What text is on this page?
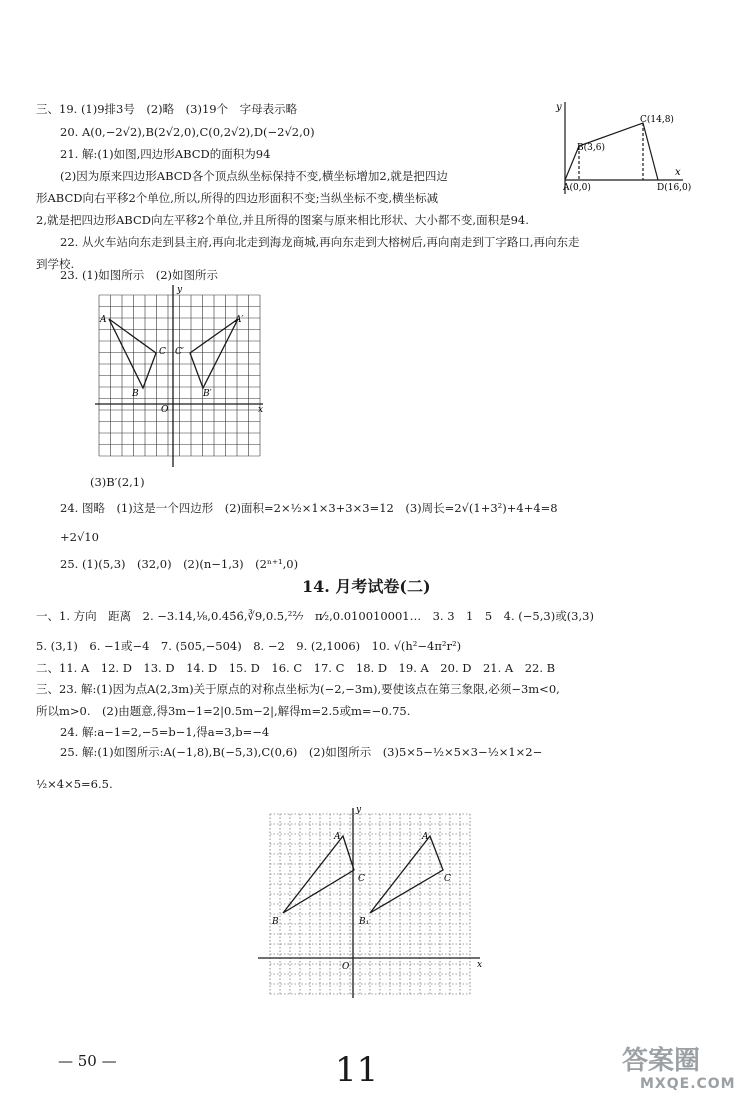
三、19. (1)9排3号　(2)略　(3)19个　字母表示略
20. A(0,−2√2),B(2√2,0),C(0,2√2),D(−2√2,0)
21. 解:(1)如图,四边形ABCD的面积为94
(2)因为原来四边形ABCD各个顶点纵坐标保持不变,横坐标增加2,就是把四边
形ABCD向右平移2个单位,所以,所得的四边形面积不变;当纵坐标不变,横坐标减
2,就是把四边形ABCD向左平移2个单位,并且所得的图案与原来相比形状、大小都不变,面积是94.
22. 从火车站向东走到县主府,再向北走到海龙商城,再向东走到大榕树后,再向南走到丁字路口,再向东走
到学校.
23. (1)如图所示　(2)如图所示
(3)B′(2,1)
24. 图略　(1)这是一个四边形　(2)面积=2×½×1×3+3×3=12　(3)周长=2√(1+3²)+4+4=8
+2√10
25. (1)(5,3)　(32,0)　(2)(n−1,3)　(2ⁿ⁺¹,0)
一、1. 方向　距离　2. −3.14,⅛,0.45̇6̇,∛9,0.5,²²⁄₇　π⁄₂,0.010010001…　3. 3　1　5　4. (−5,3)或(3,3)
5. (3,1)　6. −1或−4　7. (505,−504)　8. −2　9. (2,1006)　10. √(h²−4π²r²)
二、11. A　12. D　13. D　14. D　15. D　16. C　17. C　18. D　19. A　20. D　21. A　22. B
三、23. 解:(1)因为点A(2,3m)关于原点的对称点坐标为(−2,−3m),要使该点在第三象限,必须−3m<0,
所以m>0.　(2)由题意,得3m−1=2|0.5m−2|,解得m=2.5或m=−0.75.
24. 解:a−1=2,−5=b−1,得a=3,b=−4
25. 解:(1)如图所示:A(−1,8),B(−5,3),C(0,6)　(2)如图所示　(3)5×5−½×5×3−½×1×2−
½×4×5=6.5.
14. 月考试卷(二)
y
x
A(0,0)
B(3,6)
C(14,8)
D(16,0)
y
x
O
A	A′
B	B′
C C′
y
x
O
A	A
B	B₁
C	C
— 50 —	11	答案圈
MXQE.COM
